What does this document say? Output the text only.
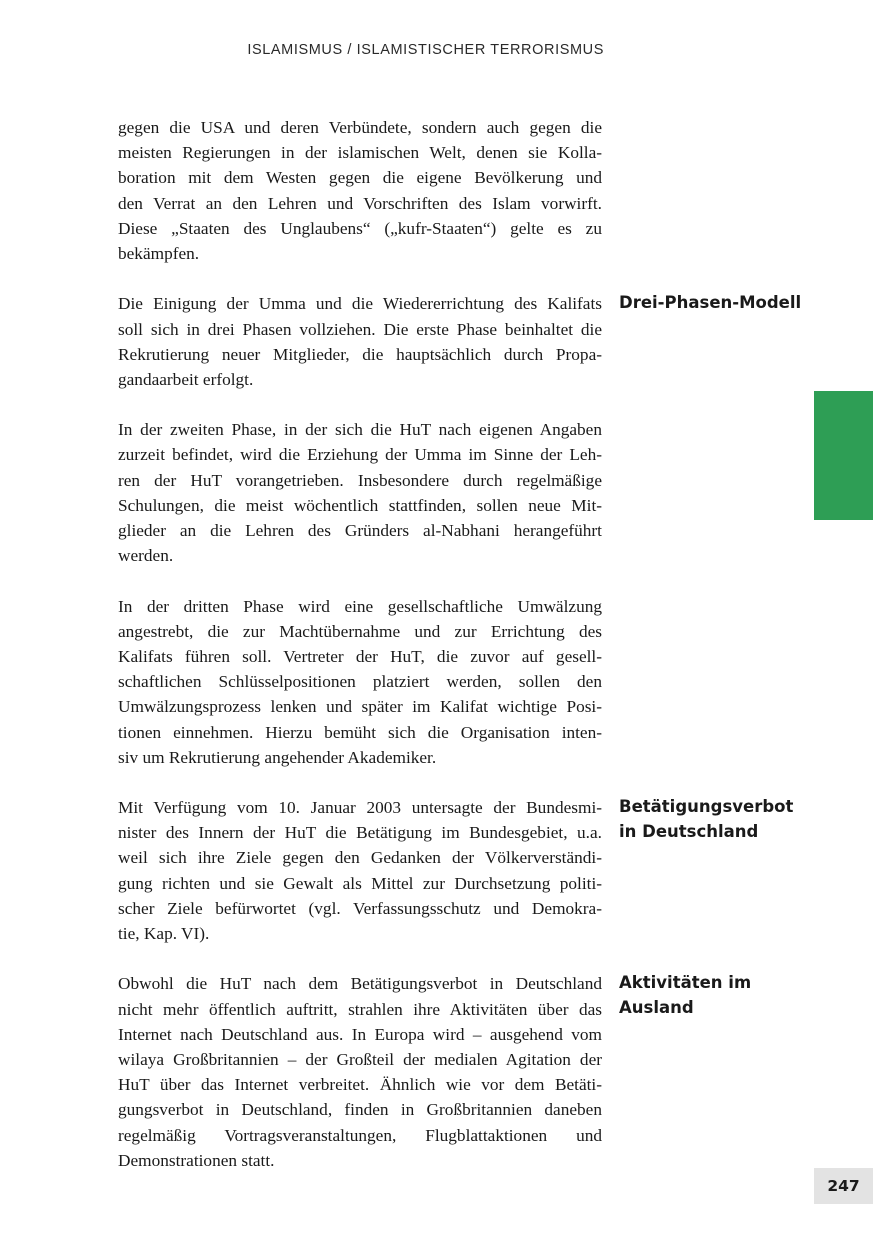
ISLAMISMUS / ISLAMISTISCHER TERRORISMUS

gegen die USA und deren Verbündete, sondern auch gegen die
meisten Regierungen in der islamischen Welt, denen sie Kolla-
boration mit dem Westen gegen die eigene Bevölkerung und
den Verrat an den Lehren und Vorschriften des Islam vorwirft.
Diese „Staaten des Unglaubens“ („kufr-Staaten“) gelte es zu
bekämpfen.

Die Einigung der Umma und die Wiedererrichtung des Kalifats
soll sich in drei Phasen vollziehen. Die erste Phase beinhaltet die
Rekrutierung neuer Mitglieder, die hauptsächlich durch Propa-
gandaarbeit erfolgt.

In der zweiten Phase, in der sich die HuT nach eigenen Angaben
zurzeit befindet, wird die Erziehung der Umma im Sinne der Leh-
ren der HuT vorangetrieben. Insbesondere durch regelmäßige
Schulungen, die meist wöchentlich stattfinden, sollen neue Mit-
glieder an die Lehren des Gründers al-Nabhani herangeführt
werden.

In der dritten Phase wird eine gesellschaftliche Umwälzung
angestrebt, die zur Machtübernahme und zur Errichtung des
Kalifats führen soll. Vertreter der HuT, die zuvor auf gesell-
schaftlichen Schlüsselpositionen platziert werden, sollen den
Umwälzungsprozess lenken und später im Kalifat wichtige Posi-
tionen einnehmen. Hierzu bemüht sich die Organisation inten-
siv um Rekrutierung angehender Akademiker.

Mit Verfügung vom 10. Januar 2003 untersagte der Bundesmi-
nister des Innern der HuT die Betätigung im Bundesgebiet, u.a.
weil sich ihre Ziele gegen den Gedanken der Völkerverständi-
gung richten und sie Gewalt als Mittel zur Durchsetzung politi-
scher Ziele befürwortet (vgl. Verfassungsschutz und Demokra-
tie, Kap. VI).

Obwohl die HuT nach dem Betätigungsverbot in Deutschland
nicht mehr öffentlich auftritt, strahlen ihre Aktivitäten über das
Internet nach Deutschland aus. In Europa wird – ausgehend vom
wilaya Großbritannien – der Großteil der medialen Agitation der
HuT über das Internet verbreitet. Ähnlich wie vor dem Betäti-
gungsverbot in Deutschland, finden in Großbritannien daneben
regelmäßig Vortragsveranstaltungen, Flugblattaktionen und
Demonstrationen statt.

Drei-Phasen-Modell
Betätigungsverbot
in Deutschland
Aktivitäten im
Ausland
247
